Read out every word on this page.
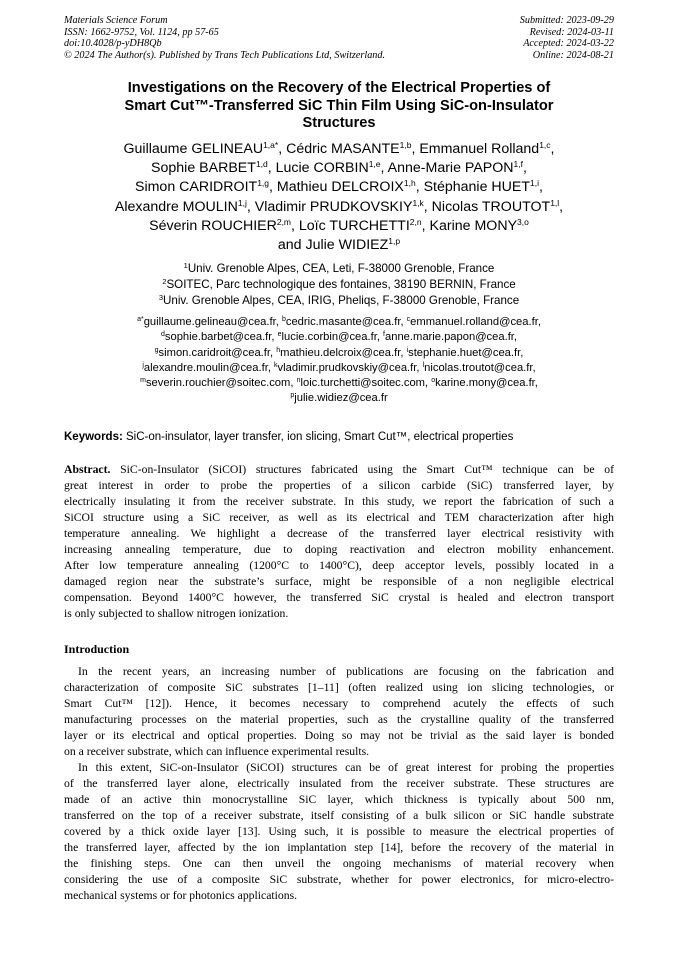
Materials Science Forum
ISSN: 1662-9752, Vol. 1124, pp 57-65
doi:10.4028/p-yDH8Qb
© 2024 The Author(s). Published by Trans Tech Publications Ltd, Switzerland.
Submitted: 2023-09-29
Revised: 2024-03-11
Accepted: 2024-03-22
Online: 2024-08-21
Investigations on the Recovery of the Electrical Properties of
Smart Cut™-Transferred SiC Thin Film Using SiC-on-Insulator
Structures
Guillaume $GELINEAU^{1,a*}$, Cédric MASANTE$^{1,b}$, Emmanuel Rolland$^{1,c}$,
Sophie BARBET$^{1,d}$, Lucie CORBIN$^{1,e}$, Anne-Marie PAPON$^{1,f}$,
Simon CARIDROIT$^{1,g}$, Mathieu DELCROIX$^{1,h}$, Stéphanie HUET$^{1,i}$,
Alexandre MOULIN$^{1,j}$, Vladimir PRUDKOVSKIY$^{1,k}$, Nicolas TROUTOT$^{1,l}$,
Séverin ROUCHIER$^{2,m}$, Loïc TURCHETTI$^{2,n}$, Karine MONY$^{3,o}$
and Julie WIDIEZ$^{1,p}$
$^1$Univ. Grenoble Alpes, CEA, Leti, F-38000 Grenoble, France
$^2$SOITEC, Parc technologique des fontaines, 38190 BERNIN, France
$^3$Univ. Grenoble Alpes, CEA, IRIG, Pheliqs, F-38000 Grenoble, France
$^{a*}$guillaume.gelineau@cea.fr, $^b$cedric.masante@cea.fr, $^c$emmanuel.rolland@cea.fr,
$^d$sophie.barbet@cea.fr, $^e$lucie.corbin@cea.fr, $^f$anne.marie.papon@cea.fr,
$^g$simon.caridroit@cea.fr, $^h$mathieu.delcroix@cea.fr, $^i$stephanie.huet@cea.fr,
$^j$alexandre.moulin@cea.fr, $^k$vladimir.prudkovskiy@cea.fr, $^l$nicolas.troutot@cea.fr,
$^m$severin.rouchier@soitec.com, $^n$loic.turchetti@soitec.com, $^o$karine.mony@cea.fr,
$^p$julie.widiez@cea.fr
Keywords: SiC-on-insulator, layer transfer, ion slicing, Smart Cut™, electrical properties
Abstract. SiC-on-Insulator (SiCOI) structures fabricated using the Smart Cut™ technique can be of
great interest in order to probe the properties of a silicon carbide (SiC) transferred layer, by
electrically insulating it from the receiver substrate. In this study, we report the fabrication of such a
SiCOI structure using a SiC receiver, as well as its electrical and TEM characterization after high
temperature annealing. We highlight a decrease of the transferred layer electrical resistivity with
increasing annealing temperature, due to doping reactivation and electron mobility enhancement.
After low temperature annealing (1200°C to 1400°C), deep acceptor levels, possibly located in a
damaged region near the substrate’s surface, might be responsible of a non negligible electrical
compensation. Beyond 1400°C however, the transferred SiC crystal is healed and electron transport
is only subjected to shallow nitrogen ionization.
Introduction
In the recent years, an increasing number of publications are focusing on the fabrication and
characterization of composite SiC substrates [1–11] (often realized using ion slicing technologies, or
Smart Cut™ [12]). Hence, it becomes necessary to comprehend acutely the effects of such
manufacturing processes on the material properties, such as the crystalline quality of the transferred
layer or its electrical and optical properties. Doing so may not be trivial as the said layer is bonded
on a receiver substrate, which can influence experimental results.
In this extent, SiC-on-Insulator (SiCOI) structures can be of great interest for probing the properties
of the transferred layer alone, electrically insulated from the receiver substrate. These structures are
made of an active thin monocrystalline SiC layer, which thickness is typically about 500 nm,
transferred on the top of a receiver substrate, itself consisting of a bulk silicon or SiC handle substrate
covered by a thick oxide layer [13]. Using such, it is possible to measure the electrical properties of
the transferred layer, affected by the ion implantation step [14], before the recovery of the material in
the finishing steps. One can then unveil the ongoing mechanisms of material recovery when
considering the use of a composite SiC substrate, whether for power electronics, for micro-electro-
mechanical systems or for photonics applications.
